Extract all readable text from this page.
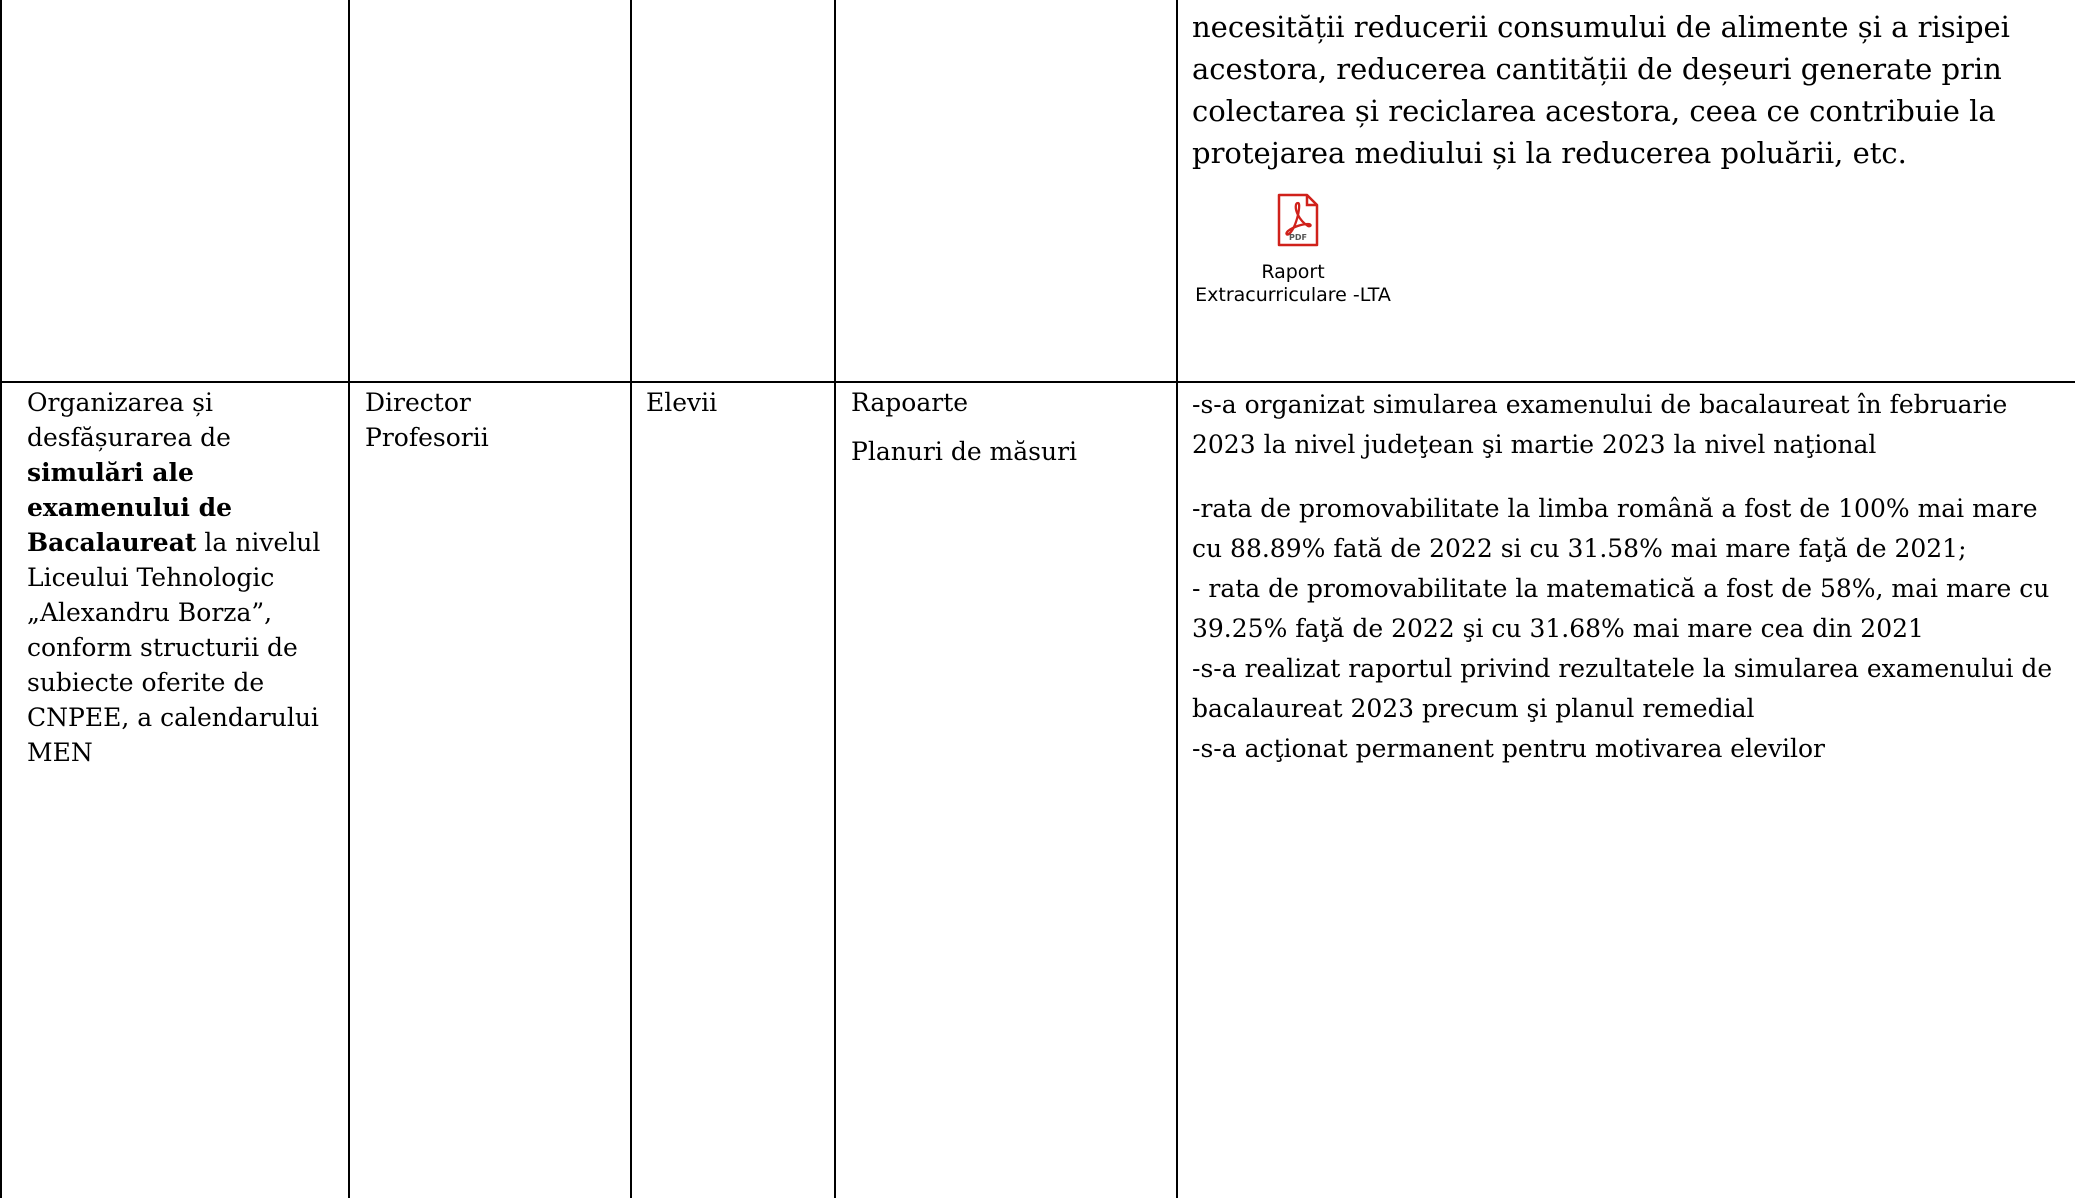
necesității reducerii consumului de alimente și a risipei

acestora, reducerea cantității de deșeuri generate prin

colectarea și reciclarea acestora, ceea ce contribuie la

protejarea mediului și la reducerea poluării, etc.

PDF
Raport
Extracurriculare -LTA
Organizarea și desfășurarea de simulări ale examenului de Bacalaureat la nivelul Liceului Tehnologic „Alexandru Borza”, conform structurii de subiecte oferite de CNPEE, a calendarului MEN

Director

Profesorii

Elevii	Rapoarte

Planuri de măsuri

-s-a organizat simularea examenului de bacalaureat în februarie 2023 la nivel judeţean şi martie 2023 la nivel naţional

-rata de promovabilitate la limba română a fost de 100% mai mare cu 88.89% fată de 2022 si cu 31.58% mai mare faţă de 2021;

- rata de promovabilitate la matematică a fost de 58%, mai mare cu 39.25% faţă de 2022 şi cu 31.68% mai mare cea din 2021

-s-a realizat raportul privind rezultatele la simularea examenului de bacalaureat 2023 precum şi planul remedial

-s-a acţionat permanent pentru motivarea elevilor
